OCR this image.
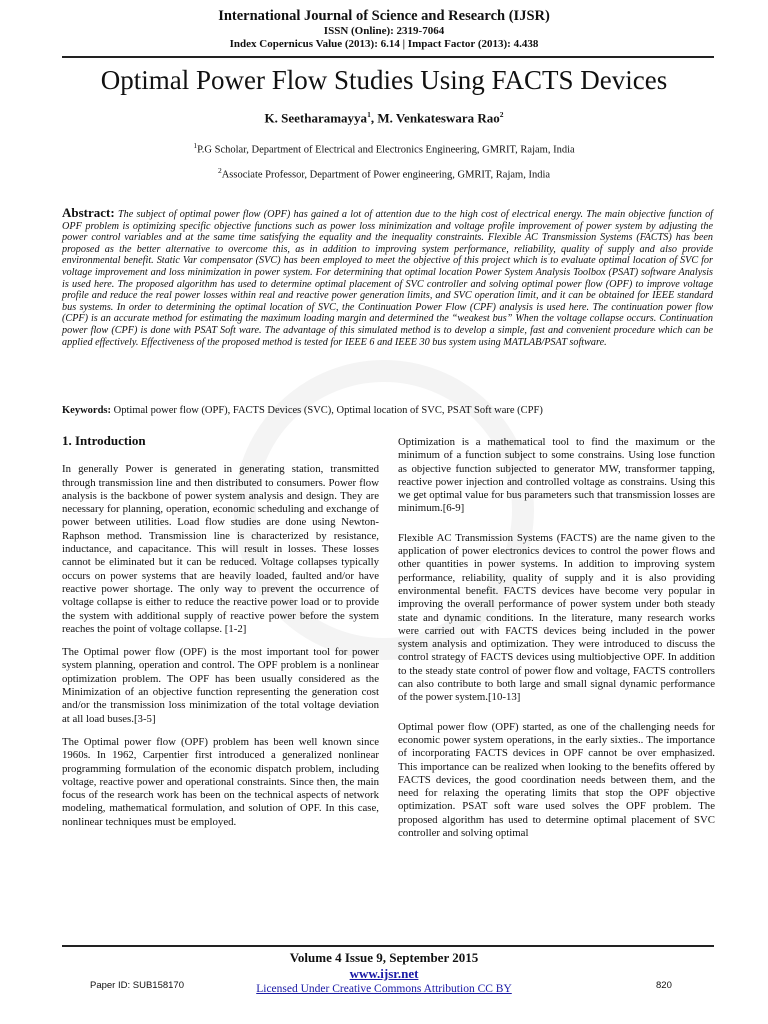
International Journal of Science and Research (IJSR)
ISSN (Online): 2319-7064
Index Copernicus Value (2013): 6.14 | Impact Factor (2013): 4.438
Optimal Power Flow Studies Using FACTS Devices
K. Seetharamayya$^1$, M. Venkateswara Rao$^2$
$^1$P.G Scholar, Department of Electrical and Electronics Engineering, GMRIT, Rajam, India
$^2$Associate Professor, Department of Power engineering, GMRIT, Rajam, India
Abstract: The subject of optimal power flow (OPF) has gained a lot of attention due to the high cost of electrical energy. The main objective function of OPF problem is optimizing specific objective functions such as power loss minimization and voltage profile improvement of power system by adjusting the power control variables and at the same time satisfying the equality and the inequality constraints. Flexible AC Transmission Systems (FACTS) has been proposed as the better alternative to overcome this, as in addition to improving system performance, reliability, quality of supply and also provide environmental benefit. Static Var compensator (SVC) has been employed to meet the objective of this project which is to evaluate optimal location of SVC for voltage improvement and loss minimization in power system. For determining that optimal location Power System Analysis Toolbox (PSAT) software Analysis is used here. The proposed algorithm has used to determine optimal placement of SVC controller and solving optimal power flow (OPF) to improve voltage profile and reduce the real power losses within real and reactive power generation limits, and SVC operation limit, and it can be obtained for IEEE standard bus systems. In order to determining the optimal location of SVC, the Continuation Power Flow (CPF) analysis is used here. The continuation power flow (CPF) is an accurate method for estimating the maximum loading margin and determined the “weakest bus” When the voltage collapse occurs. Continuation power flow (CPF) is done with PSAT Soft ware. The advantage of this simulated method is to develop a simple, fast and convenient procedure which can be applied effectively. Effectiveness of the proposed method is tested for IEEE 6 and IEEE 30 bus system using MATLAB/PSAT software.
Keywords: Optimal power flow (OPF), FACTS Devices (SVC), Optimal location of SVC, PSAT Soft ware (CPF)
1. Introduction

In generally Power is generated in generating station, transmitted through transmission line and then distributed to consumers. Power flow analysis is the backbone of power system analysis and design. They are necessary for planning, operation, economic scheduling and exchange of power between utilities. Load flow studies are done using Newton-Raphson method. Transmission line is characterized by resistance, inductance, and capacitance. This will result in losses. These losses cannot be eliminated but it can be reduced. Voltage collapses typically occurs on power systems that are heavily loaded, faulted and/or have reactive power shortage. The only way to prevent the occurrence of voltage collapse is either to reduce the reactive power load or to provide the system with additional supply of reactive power before the system reaches the point of voltage collapse. [1-2]

The Optimal power flow (OPF) is the most important tool for power system planning, operation and control. The OPF problem is a nonlinear optimization problem. The OPF has been usually considered as the Minimization of an objective function representing the generation cost and/or the transmission loss minimization of the total voltage deviation at all load buses.[3-5]

The Optimal power flow (OPF) problem has been well known since 1960s. In 1962, Carpentier first introduced a generalized nonlinear programming formulation of the economic dispatch problem, including voltage, reactive power and operational constraints. Since then, the main focus of the research work has been on the technical aspects of network modeling, mathematical formulation, and solution of OPF. In this case, nonlinear techniques must be employed.

Optimization is a mathematical tool to find the maximum or the minimum of a function subject to some constrains. Using lose function as objective function subjected to generator MW, transformer tapping, reactive power injection and controlled voltage as constrains. Using this we get optimal value for bus parameters such that transmission losses are minimum.[6-9]

Flexible AC Transmission Systems (FACTS) are the name given to the application of power electronics devices to control the power flows and other quantities in power systems. In addition to improving system performance, reliability, quality of supply and it is also providing environmental benefit. FACTS devices have become very popular in improving the overall performance of power system under both steady state and dynamic conditions. In the literature, many research works were carried out with FACTS devices being included in the power system analysis and optimization. They were introduced to discuss the control strategy of FACTS devices using multiobjective OPF. In addition to the steady state control of power flow and voltage, FACTS controllers can also contribute to both large and small signal dynamic performance of the power system.[10-13]

Optimal power flow (OPF) started, as one of the challenging needs for economic power system operations, in the early sixties.. The importance of incorporating FACTS devices in OPF cannot be over emphasized. This importance can be realized when looking to the benefits offered by FACTS devices, the good coordination needs between them, and the need for relaxing the operating limits that stop the OPF objective optimization. PSAT soft ware used solves the OPF problem. The proposed algorithm has used to determine optimal placement of SVC controller and solving optimal

Volume 4 Issue 9, September 2015
www.ijsr.net
Licensed Under Creative Commons Attribution CC BY
Paper ID: SUB158170	820
